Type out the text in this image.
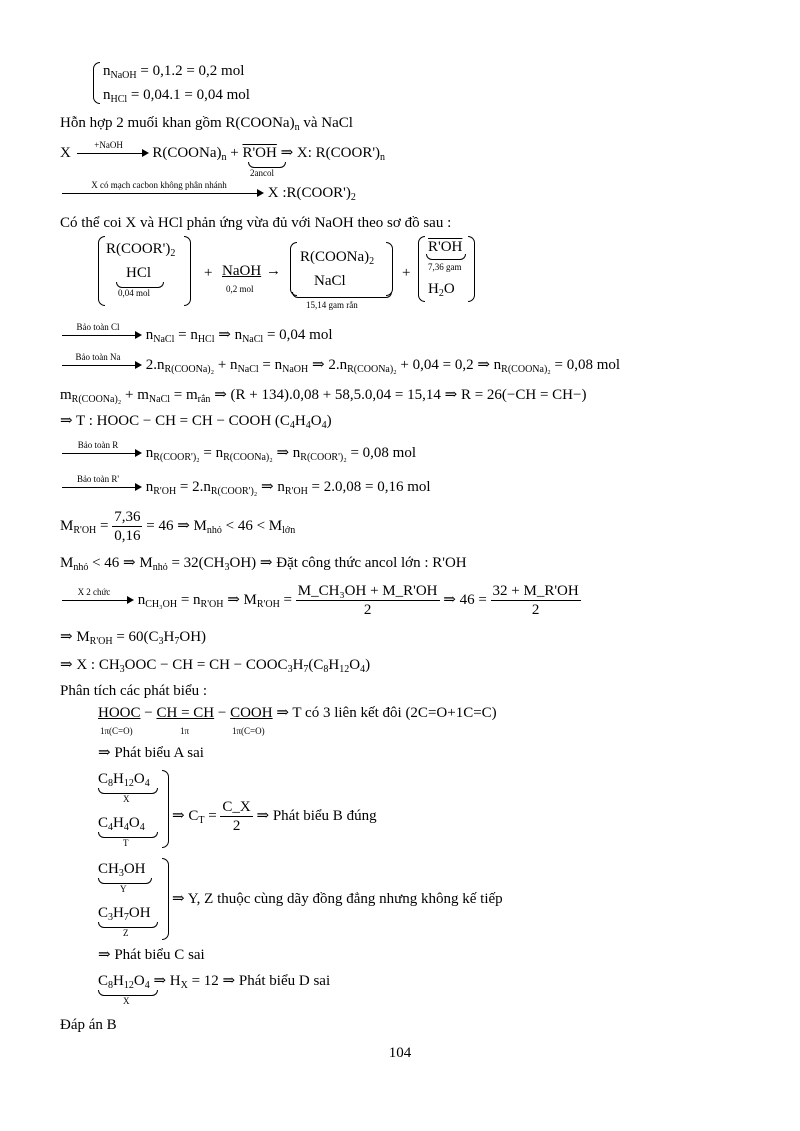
$n_{NaOH} = 0,1.2 = 0,2$ mol
$n_{HCl} = 0,04.1 = 0,04$ mol
Hỗn hợp 2 muối khan gồm $R(COONa)_n$ và NaCl
X	+NaOH	$R(COONa)_n + R'OH$ ⇒ X: $R(COOR')_n$
2ancol
X có mạch cacbon không phân nhánh	X $:R(COOR')_2$
Có thể coi X và HCl phản ứng vừa đủ với NaOH theo sơ đồ sau :
$R(COOR')_2$
HCl
0,04 mol
+ NaOH
0,2 mol
→
$R(COONa)_2$
NaCl
15,14 gam rắn
+
R'OH
7,36 gam
$H_2O$
Bảo toàn Cl	$n_{NaCl} = n_{HCl}$ ⇒ $n_{NaCl} = 0,04$ mol
Bảo toàn Na	$2.n_{R(COONa)_2} + n_{NaCl} = n_{NaOH}$ ⇒ $2.n_{R(COONa)_2} + 0,04 = 0,2$ ⇒ $n_{R(COONa)_2} = 0,08$ mol
$m_{R(COONa)_2} + m_{NaCl} = m_{rắn}$ ⇒ (R + 134).0,08 + 58,5.0,04 = 15,14 ⇒ R = 26(−CH = CH−)
⇒ T : HOOC − CH = CH − COOH $(C_4H_4O_4)$
Bảo toàn R	$n_{R(COOR')_2} = n_{R(COONa)_2}$ ⇒ $n_{R(COOR')_2} = 0,08$ mol
Bảo toàn R'	$n_{R'OH} = 2.n_{R(COOR')_2}$ ⇒ $n_{R'OH} = 2.0,08 = 0,16$ mol
$M_{R'OH} = \frac{7,36}{0,16} = 46$ ⇒ $M_{nhỏ} < 46 < M_{lớn}$
$M_{nhỏ} < 46$ ⇒ $M_{nhỏ} = 32(CH_3OH)$ ⇒ Đặt công thức ancol lớn : R'OH
X 2 chức	$n_{CH_3OH} = n_{R'OH}$ ⇒ $M_{R'OH} = \frac{\text{M\_CH₃OH + M\_R'OH}}{2}$ ⇒ $46 = \frac{32 + M\_R'OH}{2}$
⇒ $M_{R'OH} = 60(C_3H_7OH)$
⇒ X : $CH_3OOC$ − CH = CH − $COOC_3H_7(C_8H_{12}O_4)$
Phân tích các phát biểu :
HOOC − CH = CH − COOH ⇒ T có 3 liên kết đôi (2C=O+1C=C)
1π(C=O)	1π	1π(C=O)
⇒ Phát biểu A sai
$C_8H_{12}O_4$
X
$C_4H_4O_4$
T
⇒ $C_T = \frac{C\_X}{2}$ ⇒ Phát biểu B đúng
$CH_3OH$
Y
$C_3H_7OH$
Z
⇒ Y, Z thuộc cùng dãy đồng đẳng nhưng không kế tiếp
⇒ Phát biểu C sai
$C_8H_{12}O_4$ ⇒ $H_X = 12$ ⇒ Phát biểu D sai
X
Đáp án B
104
